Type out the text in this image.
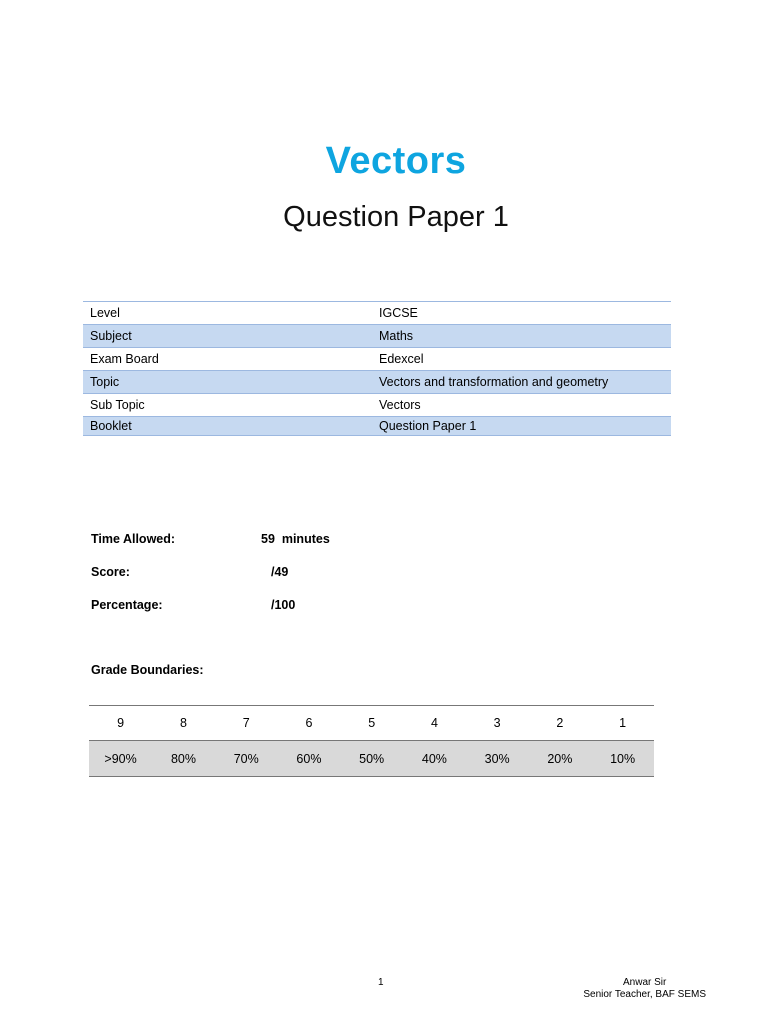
Vectors
Question Paper 1
Level	IGCSE
Subject	Maths
Exam Board	Edexcel
Topic	Vectors and transformation and geometry
Sub Topic	Vectors
Booklet	Question Paper 1
Time Allowed:	59  minutes
Score:	/49
Percentage:	/100
Grade Boundaries:
9	8	7	6	5	4	3	2	1
>90%	80%	70%	60%	50%	40%	30%	20%	10%
1	Anwar Sir
Senior Teacher, BAF SEMS
